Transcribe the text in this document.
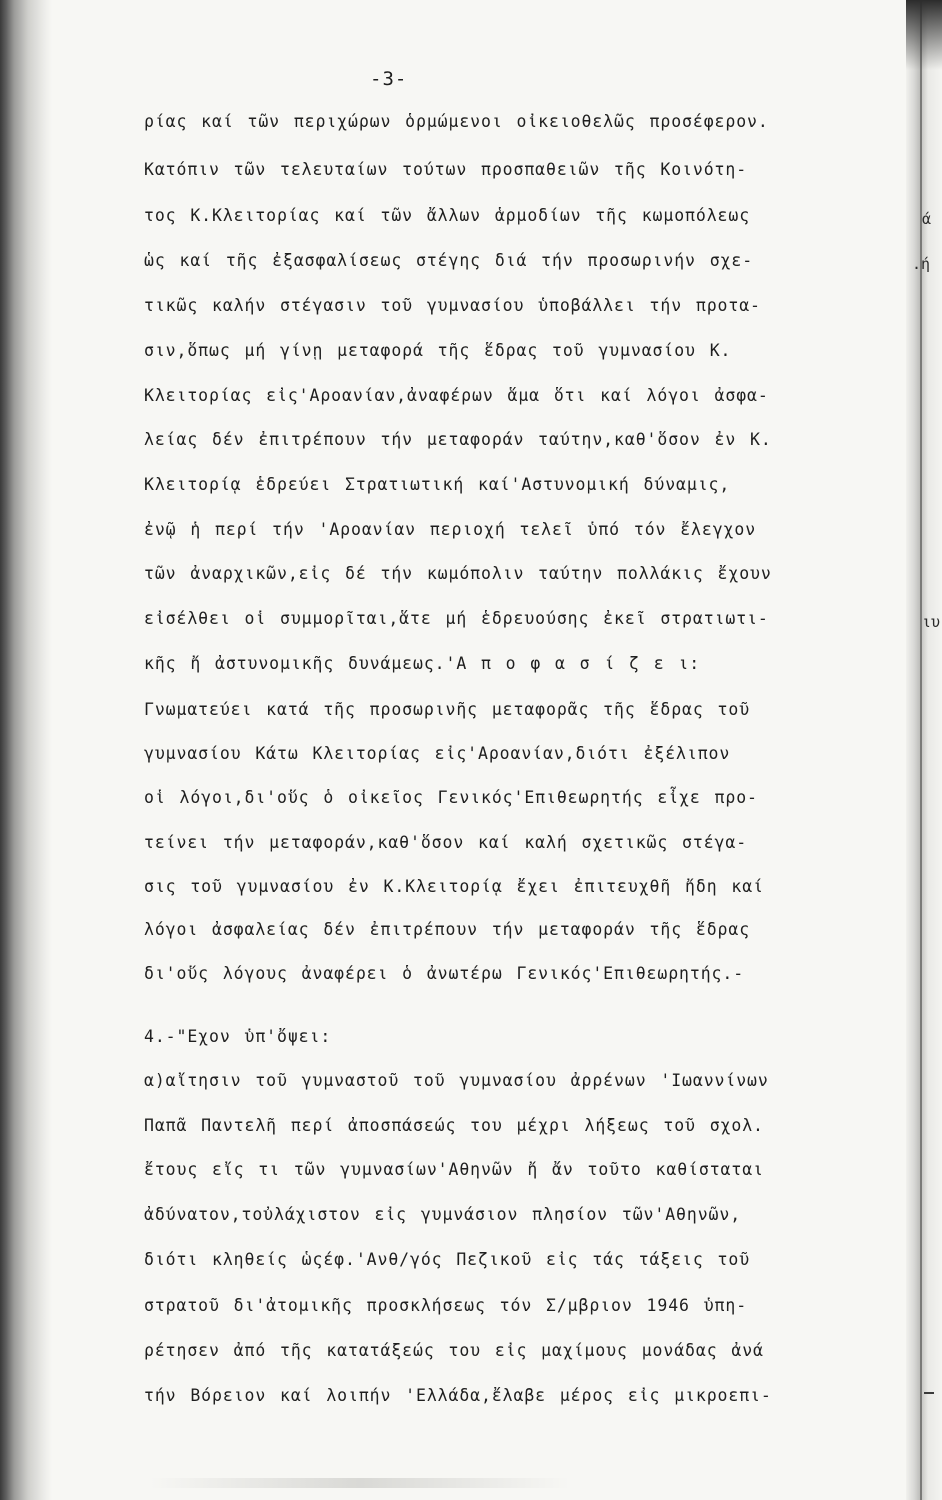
-3-
ρίας καί τῶν περιχώρων ὁρμώμενοι οἰκειοθελῶς προσέφερον.
Κατόπιν τῶν τελευταίων τούτων προσπαθειῶν τῆς Κοινότη-
τος Κ.Κλειτορίας καί τῶν ἄλλων ἁρμοδίων τῆς κωμοπόλεως
ὡς καί τῆς ἐξασφαλίσεως στέγης διά τήν προσωρινήν σχε-
τικῶς καλήν στέγασιν τοῦ γυμνασίου ὑποβάλλει τήν προτα-
σιν,ὅπως μή γίνῃ μεταφορά τῆς ἕδρας τοῦ γυμνασίου Κ.
Κλειτορίας εἰς'Αροανίαν,ἀναφέρων ἅμα ὅτι καί λόγοι ἀσφα-
λείας δέν ἐπιτρέπουν τήν μεταφοράν ταύτην,καθ'ὅσον ἐν Κ.
Κλειτορίᾳ ἑδρεύει Στρατιωτική καί'Αστυνομική δύναμις,
ἐνῷ ἡ περί τήν 'Αροανίαν περιοχή τελεῖ ὑπό τόν ἔλεγχον
τῶν ἀναρχικῶν,εἰς δέ τήν κωμόπολιν ταύτην πολλάκις ἔχουν
εἰσέλθει οἱ συμμορῖται,ἅτε μή ἑδρευούσης ἐκεῖ στρατιωτι-
κῆς ἤ ἀστυνομικῆς δυνάμεως.'Α π ο φ α σ ί ζ ε ι:
Γνωματεύει κατά τῆς προσωρινῆς μεταφορᾶς τῆς ἕδρας τοῦ
γυμνασίου Κάτω Κλειτορίας εἰς'Αροανίαν,διότι ἐξέλιπον
οἱ λόγοι,δι'οὕς ὁ οἰκεῖος Γενικός'Επιθεωρητής εἶχε προ-
τείνει τήν μεταφοράν,καθ'ὅσον καί καλή σχετικῶς στέγα-
σις τοῦ γυμνασίου ἐν Κ.Κλειτορίᾳ ἔχει ἐπιτευχθῆ ἤδη καί
λόγοι ἀσφαλείας δέν ἐπιτρέπουν τήν μεταφοράν τῆς ἕδρας
δι'οὕς λόγους ἀναφέρει ὁ ἀνωτέρω Γενικός'Επιθεωρητής.-
4.-"Εχον ὑπ'ὄψει:
α)αἴτησιν τοῦ γυμναστοῦ τοῦ γυμνασίου ἀρρένων 'Ιωαννίνων
Παπᾶ Παντελῆ περί ἀποσπάσεώς του μέχρι λήξεως τοῦ σχολ.
ἔτους εἴς τι τῶν γυμνασίων'Αθηνῶν ἤ ἄν τοῦτο καθίσταται
ἀδύνατον,τοὐλάχιστον εἰς γυμνάσιον πλησίον τῶν'Αθηνῶν,
διότι κληθείς ὡςέφ.'Ανθ/γός Πεζικοῦ εἰς τάς τάξεις τοῦ
στρατοῦ δι'ἀτομικῆς προσκλήσεως τόν Σ/μβριον 1946 ὑπη-
ρέτησεν ἀπό τῆς κατατάξεώς του εἰς μαχίμους μονάδας ἀνά
τήν Βόρειον καί λοιπήν 'Ελλάδα,ἔλαβε μέρος εἰς μικροεπι-
ά
.ή
ιυ
